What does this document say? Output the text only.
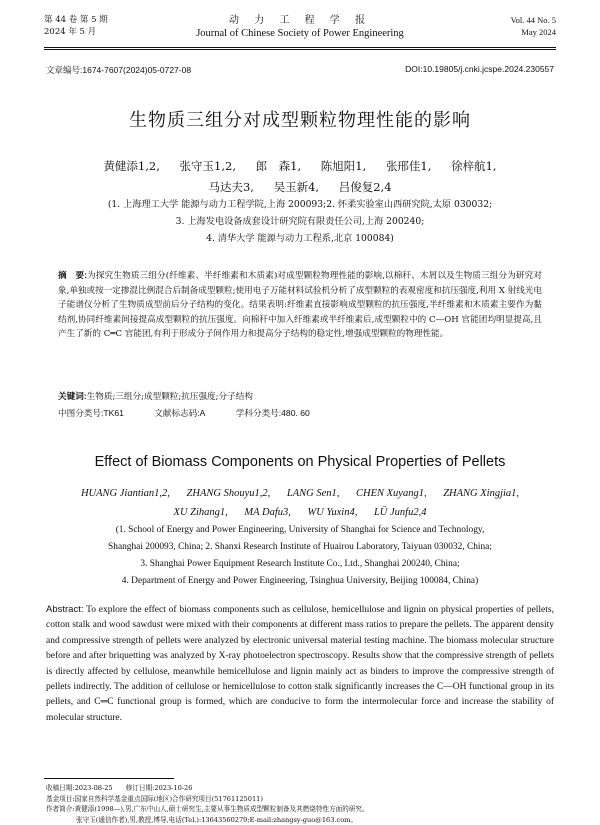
第 44 卷 第 5 期
2024 年 5 月
动 力 工 程 学 报
Journal of Chinese Society of Power Engineering
Vol. 44 No. 5
May 2024
文章编号:1674-7607(2024)05-0727-08	DOI:10.19805/j.cnki.jcspe.2024.230557
生物质三组分对成型颗粒物理性能的影响
黄健添1,2, 张守玉1,2, 郎　森1, 陈旭阳1, 张邢佳1, 徐梓航1,
马达夫3, 吴玉新4, 吕俊复2,4
(1. 上海理工大学 能源与动力工程学院,上海 200093;2. 怀柔实验室山西研究院,太原 030032;
3. 上海发电设备成套设计研究院有限责任公司,上海 200240;
4. 清华大学 能源与动力工程系,北京 100084)
摘　要:为探究生物质三组分(纤维素、半纤维素和木质素)对成型颗粒物理性能的影响,以棉秆、木屑以及生物质三组分为研究对象,单独或按一定掺混比例混合后制备成型颗粒;使用电子万能材料试验机分析了成型颗粒的表观密度和抗压强度,利用 X 射线光电子能谱仪分析了生物质成型前后分子结构的变化。结果表明:纤维素直接影响成型颗粒的抗压强度,半纤维素和木质素主要作为黏结剂,协同纤维素间接提高成型颗粒的抗压强度。向棉秆中加入纤维素或半纤维素后,成型颗粒中的 C—OH 官能团均明显提高,且产生了新的 C═C 官能团,有利于形成分子间作用力和提高分子结构的稳定性,增强成型颗粒的物理性能。
关键词:生物质;三组分;成型颗粒;抗压强度;分子结构
中图分类号:TK61	文献标志码:A	学科分类号:480. 60
Effect of Biomass Components on Physical Properties of Pellets
HUANG Jiantian1,2, ZHANG Shouyu1,2, LANG Sen1, CHEN Xuyang1, ZHANG Xingjia1,
XU Zihang1, MA Dafu3, WU Yuxin4, LÜ Junfu2,4
(1. School of Energy and Power Engineering, University of Shanghai for Science and Technology,
Shanghai 200093, China; 2. Shanxi Research Institute of Huairou Laboratory, Taiyuan 030032, China;
3. Shanghai Power Equipment Research Institute Co., Ltd., Shanghai 200240, China;
4. Department of Energy and Power Engineering, Tsinghua University, Beijing 100084, China)
Abstract: To explore the effect of biomass components such as cellulose, hemicellulose and lignin on physical properties of pellets, cotton stalk and wood sawdust were mixed with their components at different mass ratios to prepare the pellets. The apparent density and compressive strength of pellets were analyzed by electronic universal material testing machine. The biomass molecular structure before and after briquetting was analyzed by X-ray photoelectron spectroscopy. Results show that the compressive strength of pellets is directly affected by cellulose, meanwhile hemicellulose and lignin mainly act as binders to improve the compressive strength of pellets indirectly. The addition of cellulose or hemicellulose to cotton stalk significantly increases the C—OH functional group in its pellets, and C═C functional group is formed, which are conducive to form the intermolecular force and increase the stability of molecular structure.
收稿日期:2023-08-25　　修订日期:2023-10-26
基金项目:国家自然科学基金重点国际(地区)合作研究项目(51761125011)
作者简介:黄健添(1998—),男,广东中山人,硕士研究生,主要从事生物质成型颗粒制备及其燃烧特性方面的研究。
张守玉(通信作者),男,教授,博导,电话(Tel.):13643560279;E-mail:zhangsy-guo@163.com。
